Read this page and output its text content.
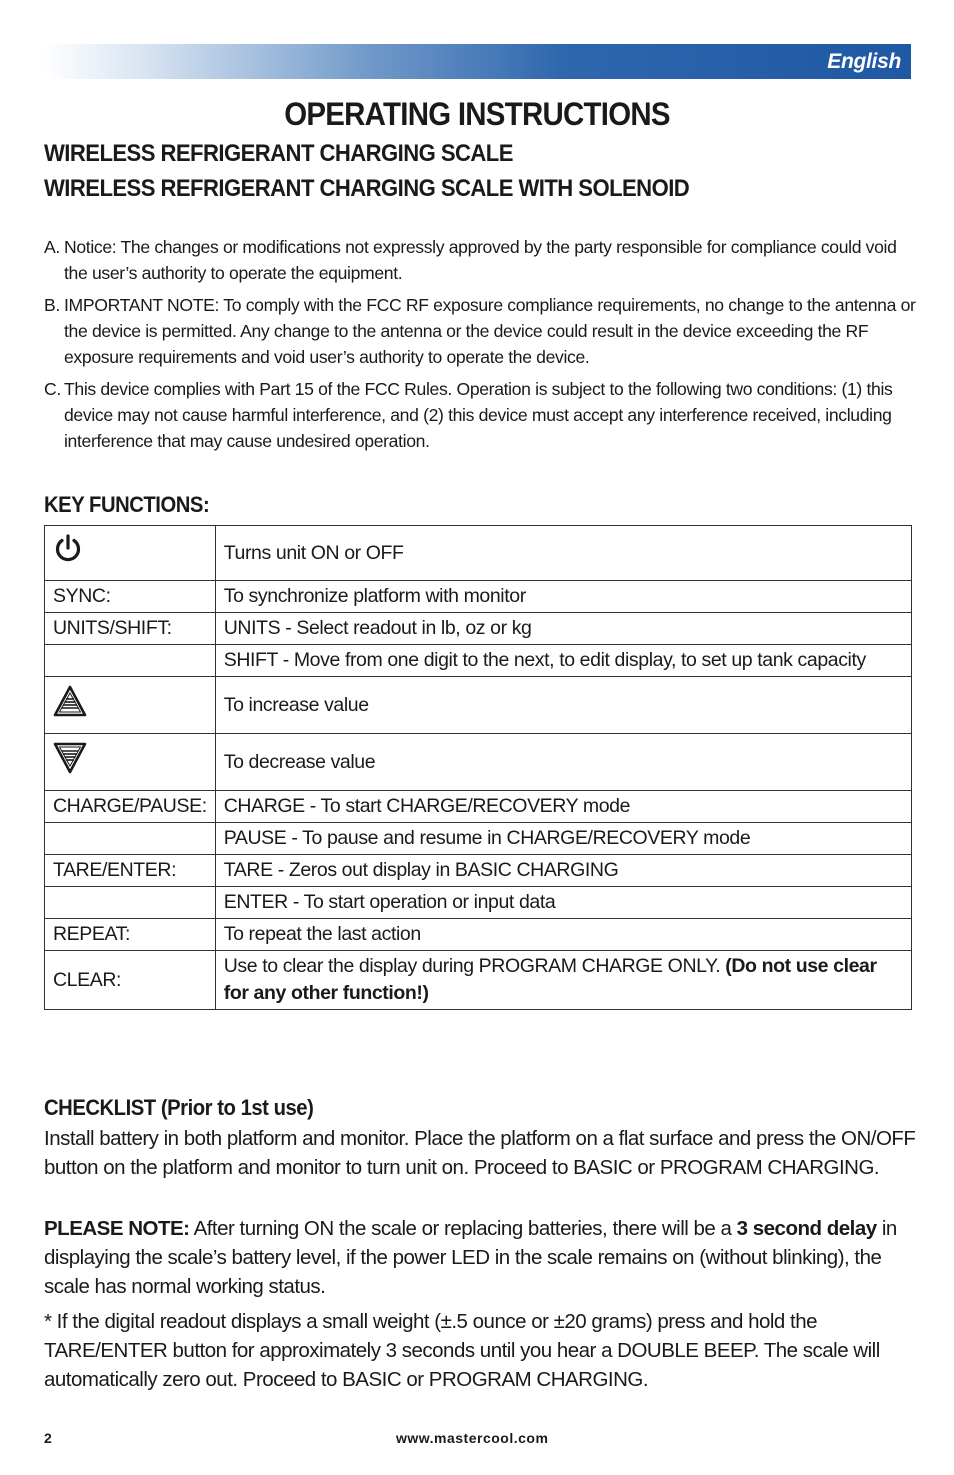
English
OPERATING INSTRUCTIONS
WIRELESS REFRIGERANT CHARGING SCALE
WIRELESS REFRIGERANT CHARGING SCALE WITH SOLENOID
A. Notice: The changes or modifications not expressly approved by the party responsible for compliance could void the user’s authority to operate the equipment.
B. IMPORTANT NOTE: To comply with the FCC RF exposure compliance requirements, no change to the antenna or the device is permitted. Any change to the antenna or the device could result in the device exceeding the RF exposure requirements and void user’s authority to operate the device.
C. This device complies with Part 15 of the FCC Rules. Operation is subject to the following two conditions: (1) this device may not cause harmful interference, and (2) this device must accept any interference received, including interference that may cause undesired operation.
KEY FUNCTIONS:
	Turns unit ON or OFF
SYNC:	To synchronize platform with monitor
UNITS/SHIFT:	UNITS - Select readout in lb, oz or kg
	SHIFT - Move from one digit to the next, to edit display, to set up tank capacity
	To increase value
	To decrease value
CHARGE/PAUSE:	CHARGE - To start CHARGE/RECOVERY mode
	PAUSE - To pause and resume in CHARGE/RECOVERY mode
TARE/ENTER:	TARE - Zeros out display in BASIC CHARGING
	ENTER - To start operation or input data
REPEAT:	To repeat the last action
CLEAR:	Use to clear the display during PROGRAM CHARGE ONLY. (Do not use clear for any other function!)
CHECKLIST (Prior to 1st use)
Install battery in both platform and monitor. Place the platform on a flat surface and press the ON/OFF button on the platform and monitor to turn unit on. Proceed to BASIC or PROGRAM CHARGING.
PLEASE NOTE: After turning ON the scale or replacing batteries, there will be a 3 second delay in displaying the scale’s battery level, if the power LED in the scale remains on (without blinking), the scale has normal working status.
* If the digital readout displays a small weight (±.5 ounce or ±20 grams) press and hold the TARE/ENTER button for approximately 3 seconds until you hear a DOUBLE BEEP. The scale will automatically zero out. Proceed to BASIC or PROGRAM CHARGING.
2	www.mastercool.com
